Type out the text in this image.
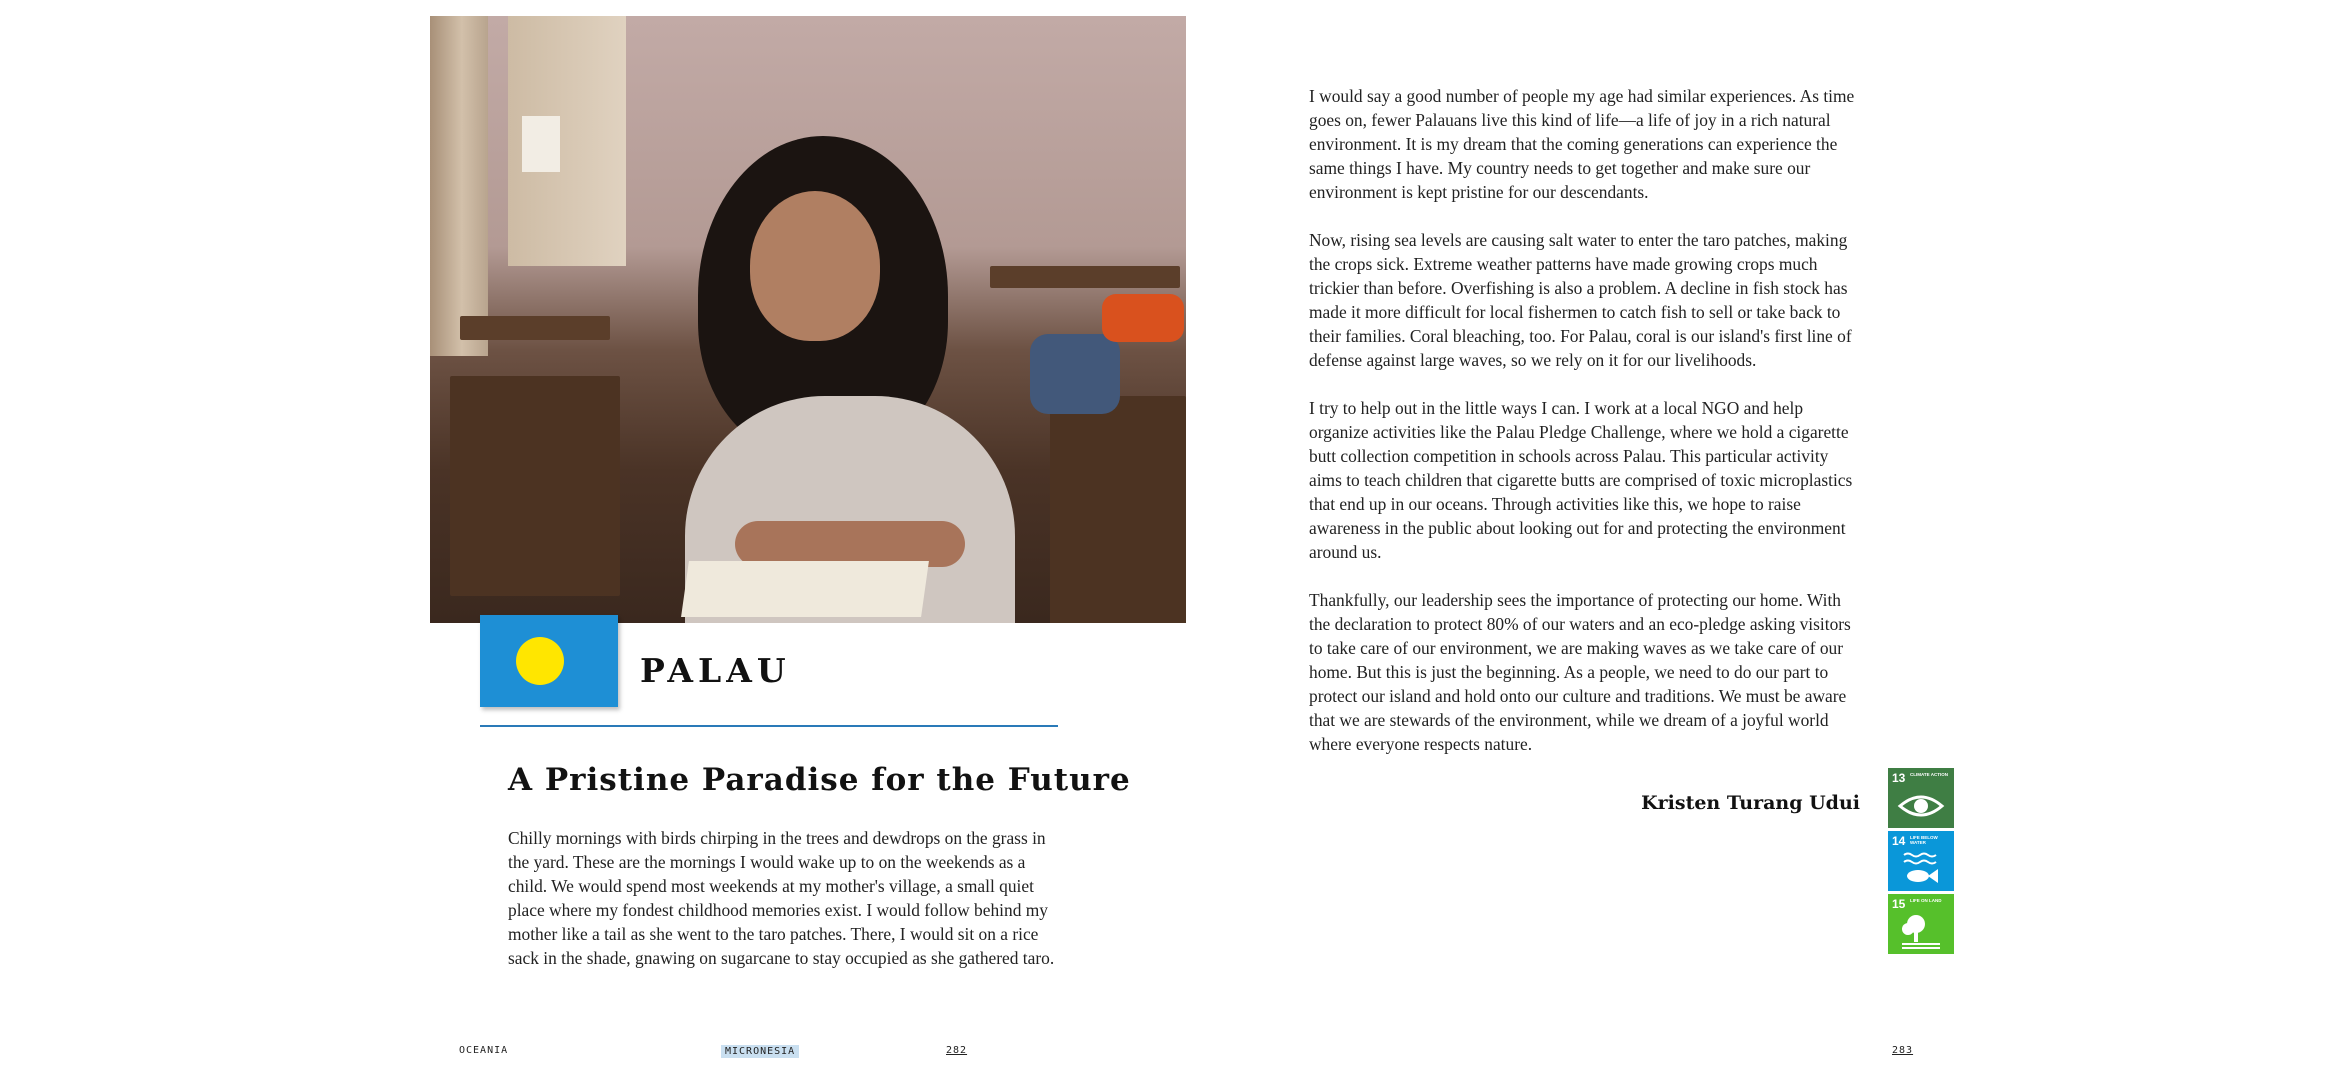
PALAU
A Pristine Paradise for the Future

Chilly mornings with birds chirping in the trees and dewdrops on the grass in the yard. These are the mornings I would wake up to on the weekends as a child. We would spend most weekends at my mother's village, a small quiet place where my fondest childhood memories exist. I would follow behind my mother like a tail as she went to the taro patches. There, I would sit on a rice sack in the shade, gnawing on sugarcane to stay occupied as she gathered taro.

I would say a good number of people my age had similar experiences. As time goes on, fewer Palauans live this kind of life—a life of joy in a rich natural environment. It is my dream that the coming generations can experience the same things I have. My country needs to get together and make sure our environment is kept pristine for our descendants.

Now, rising sea levels are causing salt water to enter the taro patches, making the crops sick. Extreme weather patterns have made growing crops much trickier than before. Overfishing is also a problem. A decline in fish stock has made it more difficult for local fishermen to catch fish to sell or take back to their families. Coral bleaching, too. For Palau, coral is our island's first line of defense against large waves, so we rely on it for our livelihoods.

I try to help out in the little ways I can. I work at a local NGO and help organize activities like the Palau Pledge Challenge, where we hold a cigarette butt collection competition in schools across Palau. This particular activity aims to teach children that cigarette butts are comprised of toxic microplastics that end up in our oceans. Through activities like this, we hope to raise awareness in the public about looking out for and protecting the environment around us.

Thankfully, our leadership sees the importance of protecting our home. With the declaration to protect 80% of our waters and an eco-pledge asking visitors to take care of our environment, we are making waves as we take care of our home. But this is just the beginning. As a people, we need to do our part to protect our island and hold onto our culture and traditions. We must be aware that we are stewards of the environment, while we dream of a joyful world where everyone respects nature.

Kristen Turang Udui
13 CLIMATE ACTION
14 LIFE BELOW WATER
15 LIFE ON LAND
OCEANIA	MICRONESIA	282	283
